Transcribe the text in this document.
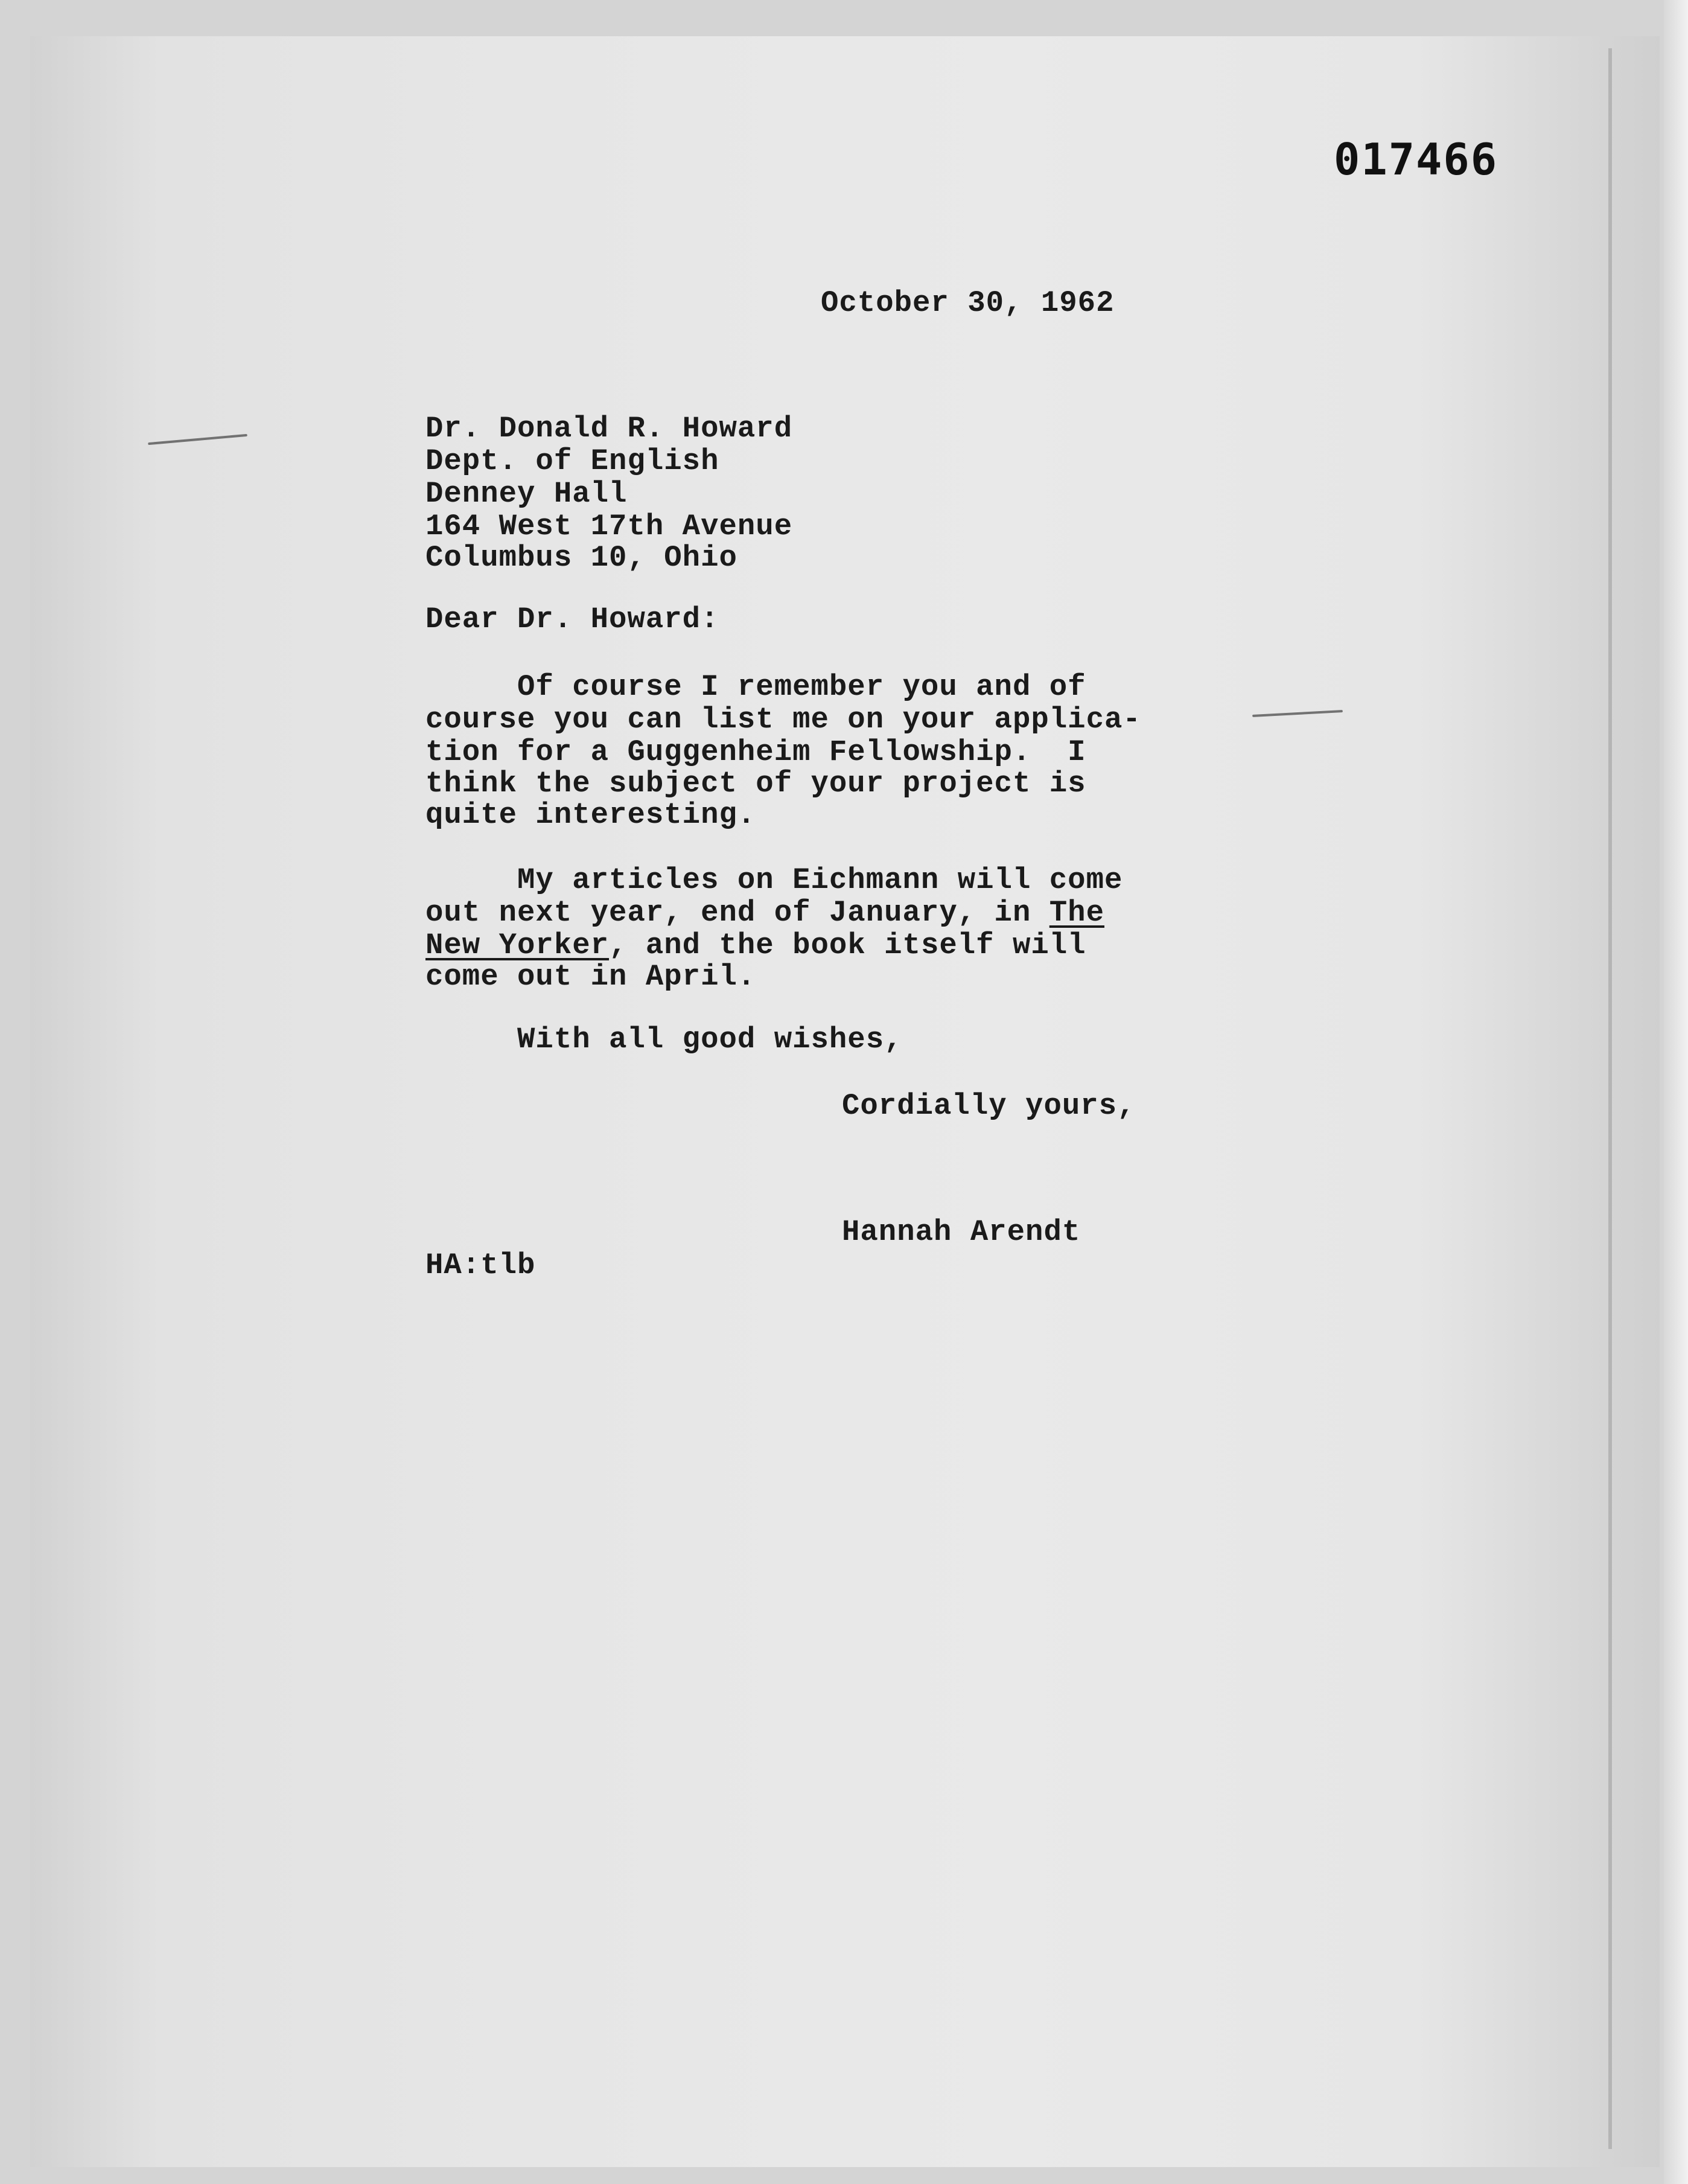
017466
October 30, 1962
Dr. Donald R. Howard
Dept. of English
Denney Hall
164 West 17th Avenue
Columbus 10, Ohio
Dear Dr. Howard:
Of course I remember you and of
course you can list me on your applica-
tion for a Guggenheim Fellowship.  I
think the subject of your project is
quite interesting.
My articles on Eichmann will come
out next year, end of January, in The
New Yorker, and the book itself will
come out in April.
With all good wishes,
Cordially yours,
Hannah Arendt
HA:tlb
